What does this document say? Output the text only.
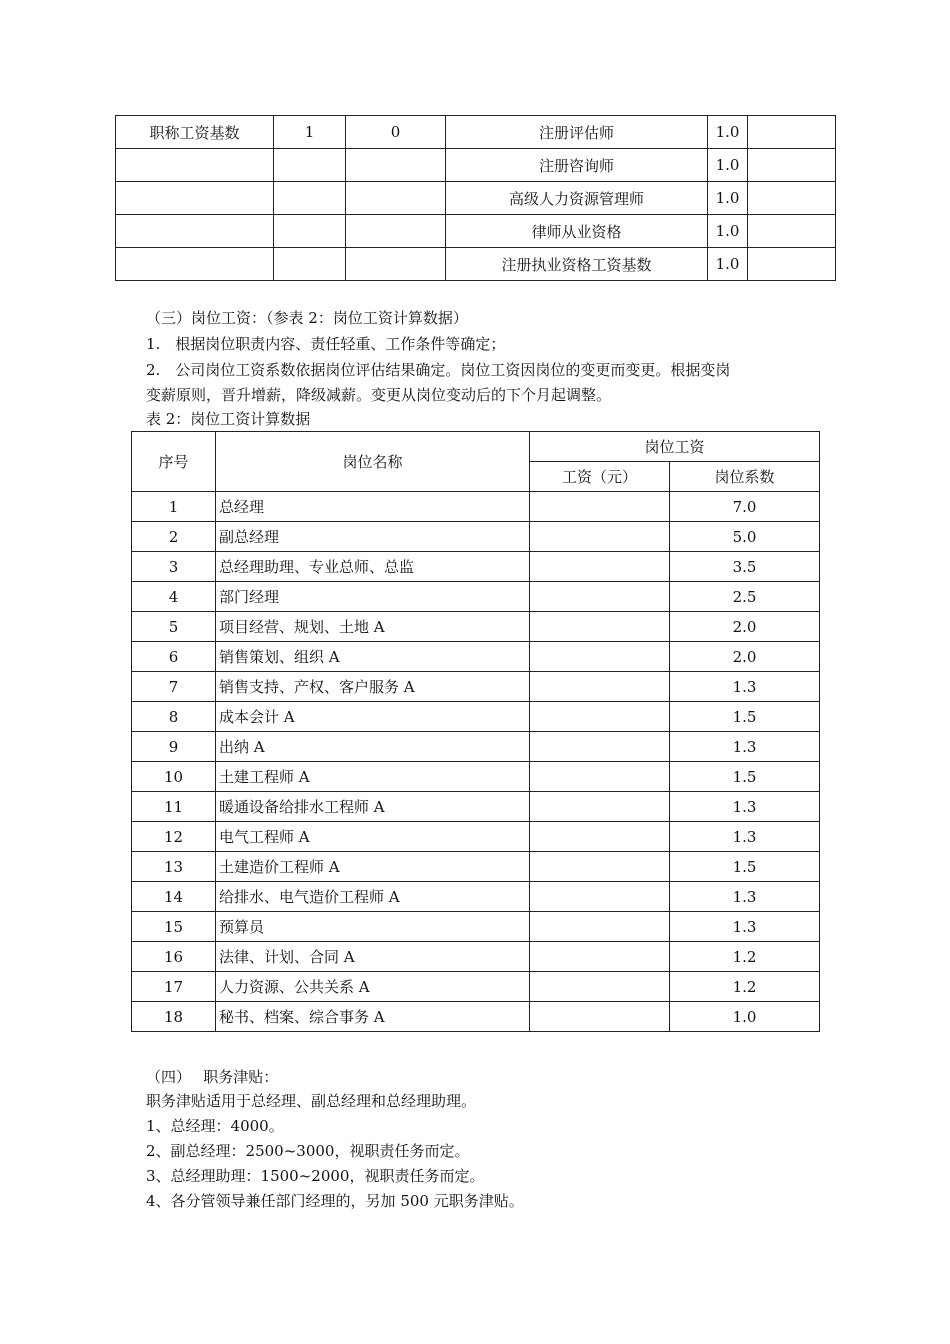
职称工资基数	1	0	注册评估师	1.0	
			注册咨询师	1.0	
			高级人力资源管理师	1.0	
			律师从业资格	1.0	
			注册执业资格工资基数	1.0	
（三）岗位工资：（参表 2：岗位工资计算数据）
1.　根据岗位职责内容、责任轻重、工作条件等确定；
2.　公司岗位工资系数依据岗位评估结果确定。岗位工资因岗位的变更而变更。根据变岗
变薪原则，晋升增薪，降级减薪。变更从岗位变动后的下个月起调整。
表 2：岗位工资计算数据
序号	岗位名称	岗位工资	
		工资（元）	岗位系数
1	总经理		7.0
2	副总经理		5.0
3	总经理助理、专业总师、总监		3.5
4	部门经理		2.5
5	项目经营、规划、土地 A		2.0
6	销售策划、组织 A		2.0
7	销售支持、产权、客户服务 A		1.3
8	成本会计 A		1.5
9	出纳 A		1.3
10	土建工程师 A		1.5
11	暖通设备给排水工程师 A		1.3
12	电气工程师 A		1.3
13	土建造价工程师 A		1.5
14	给排水、电气造价工程师 A		1.3
15	预算员		1.3
16	法律、计划、合同 A		1.2
17	人力资源、公共关系 A		1.2
18	秘书、档案、综合事务 A		1.0
（四）　 职务津贴：
职务津贴适用于总经理、副总经理和总经理助理。
1、总经理：4000。
2、副总经理：2500~3000，视职责任务而定。
3、总经理助理：1500~2000，视职责任务而定。
4、各分管领导兼任部门经理的，另加 500 元职务津贴。
